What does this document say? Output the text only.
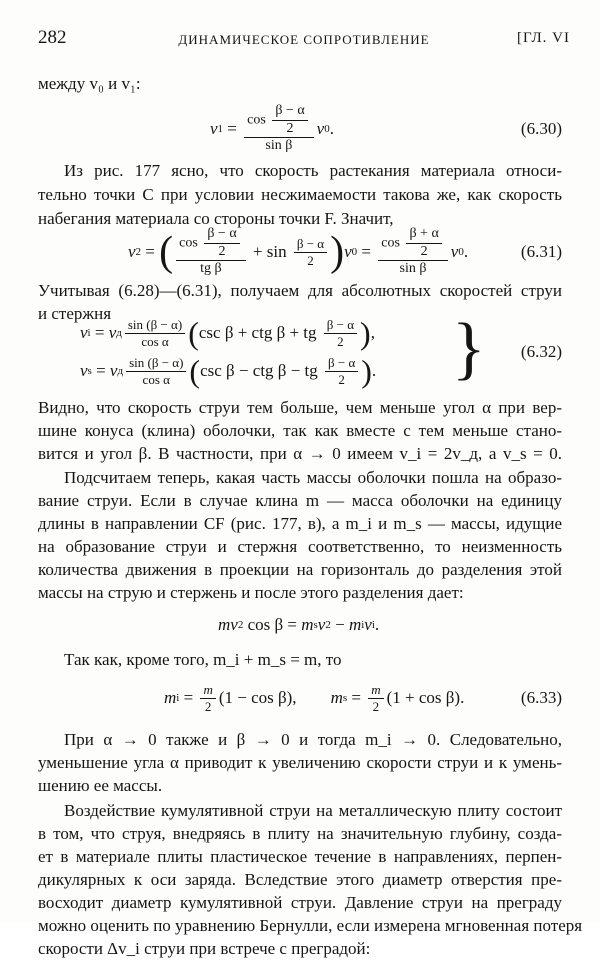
282	ДИНАМИЧЕСКОЕ СОПРОТИВЛЕНИЕ	[ГЛ. VI
между v₀ и v₁:
v $1 = \frac{\cos \frac{\beta - \alpha}{2}}{\text{sin β}}$ v 0 .	(6.30)
Из рис. 177 ясно, что скорость растекания материала относи-
тельно точки C при условии несжимаемости такова же, как скорость
набегания материала со стороны точки F. Значит,
v 2 = ( $\frac{\cos \frac{\beta - \alpha}{2}}{\text{tg β}} + \sin \frac{\beta - \alpha}{2}$ ) v $0 = \frac{\cos \frac{\beta + \alpha}{2}}{\text{sin β}}$ v 0 .	(6.31)
Учитывая (6.28)—(6.31), получаем для абсолютных скоростей струи
и стержня
v i = v д $\frac{\sin (\beta - \alpha)}{\text{cos α}}$ ( csc β + ctg β + tg $\frac{\beta - \alpha}{2}$ ) ,
v s = v д $\frac{\sin (\beta - \alpha)}{\text{cos α}}$ ( csc β − ctg β − tg $\frac{\beta - \alpha}{2}$ ) . } (6.32)
Видно, что скорость струи тем больше, чем меньше угол α при вер-
шине конуса (клина) оболочки, так как вместе с тем меньше стано-
вится и угол β. В частности, при α → 0 имеем v_i = 2v_д, а v_s = 0.
Подсчитаем теперь, какая часть массы оболочки пошла на образо-
вание струи. Если в случае клина m — масса оболочки на единицу
длины в направлении CF (рис. 177, в), а m_i и m_s — массы, идущие
на образование струи и стержня соответственно, то неизменность
количества движения в проекции на горизонталь до разделения этой
массы на струю и стержень и после этого разделения дает:
mv 2 cos β = m s v 2 − m i v i .
Так как, кроме того, m_i + m_s = m, то
m $i = \frac{m}{2} (1 - \cos \beta)$, m $s = \frac{m}{2} (1 + \cos \beta)$.	(6.33)
При α → 0 также и β → 0 и тогда m_i → 0. Следовательно,
уменьшение угла α приводит к увеличению скорости струи и к умень-
шению ее массы.
Воздействие кумулятивной струи на металлическую плиту состоит
в том, что струя, внедряясь в плиту на значительную глубину, созда-
ет в материале плиты пластическое течение в направлениях, перпен-
дикулярных к оси заряда. Вследствие этого диаметр отверстия пре-
восходит диаметр кумулятивной струи. Давление струи на преграду
можно оценить по уравнению Бернулли, если измерена мгновенная потеря
скорости Δv_i струи при встрече с преградой:
